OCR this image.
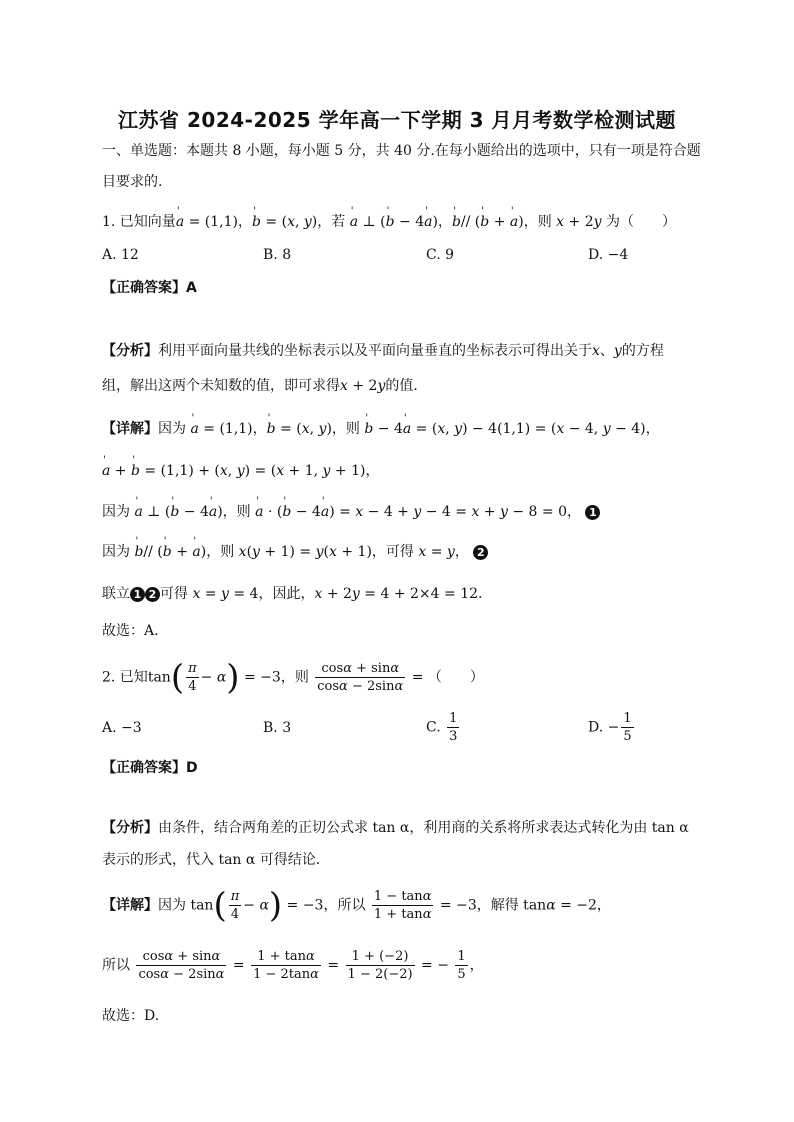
江苏省 2024-2025 学年高一下学期 3 月月考数学检测试题
一、单选题：本题共 8 小题，每小题 5 分，共 40 分.在每小题给出的选项中，只有一项是符合题
目要求的.
1. 已知向量' a = (1,1)，' b = (x, y)，若 ' a ⊥ (' b − 4' a)，' b// (' b + ' a)，则 x + 2y 为（　　）
A. 12	B. 8	C. 9	D. −4
【正确答案】A
【分析】利用平面向量共线的坐标表示以及平面向量垂直的坐标表示可得出关于x、y的方程
组，解出这两个未知数的值，即可求得x + 2y的值.
【详解】因为 ' a = (1,1)，' b = (x, y)，则 ' b − 4' a = (x, y) − 4(1,1) = (x − 4, y − 4)，
' a + ' b = (1,1) + (x, y) = (x + 1, y + 1)，
因为 ' a ⊥ (' b − 4' a)，则 ' a · (' b − 4' a) = x − 4 + y − 4 = x + y − 8 = 0， 1
因为 ' b// (' b + ' a)，则 x(y + 1) = y(x + 1)，可得 x = y， 2
联立 1 2 可得 x = y = 4，因此，x + 2y = 4 + 2×4 = 12.
故选：A.
2. 已知$\tan( \frac{\pi}{4} - \alpha) = -3$，则 $\frac{\cos\alpha + \sin\alpha}{\cos\alpha - 2\sin\alpha}$ = （　　）
A. −3	B. 3	C. $\frac{1}{3}$	D. − $\frac{1}{5}$
【正确答案】D
【分析】由条件，结合两角差的正切公式求 tan α，利用商的关系将所求表达式转化为由 tan α
表示的形式，代入 tan α 可得结论.
【详解】因为 $\tan( \frac{\pi}{4} - \alpha) = -3$，所以 $\frac{1 - \tan\alpha}{1 + \tan\alpha} = -3$，解得 tanα = −2，
所以 $\frac{\cos\alpha + \sin\alpha}{\cos\alpha - 2\sin\alpha} = \frac{1 + \tan\alpha}{1 - 2\tan\alpha} = \frac{1 + (-2)}{1 - 2(-2)}$ = − $\frac{1}{5}$ ，
故选：D.
